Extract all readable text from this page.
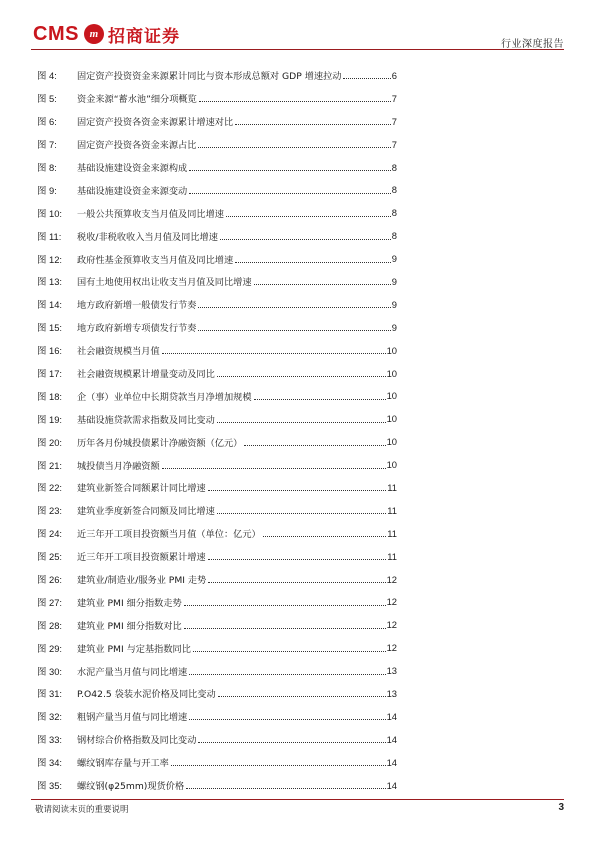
CMS m 招商证券	行业深度报告
图 4:	固定资产投资资金来源累计同比与资本形成总额对 GDP 增速拉动	6
图 5:	资金来源“蓄水池”细分项概览	7
图 6:	固定资产投资各资金来源累计增速对比	7
图 7:	固定资产投资各资金来源占比	7
图 8:	基础设施建设资金来源构成	8
图 9:	基础设施建设资金来源变动	8
图 10:	一般公共预算收支当月值及同比增速	8
图 11:	税收/非税收收入当月值及同比增速	8
图 12:	政府性基金预算收支当月值及同比增速	9
图 13:	国有土地使用权出让收支当月值及同比增速	9
图 14:	地方政府新增一般债发行节奏	9
图 15:	地方政府新增专项债发行节奏	9
图 16:	社会融资规模当月值	10
图 17:	社会融资规模累计增量变动及同比	10
图 18:	企（事）业单位中长期贷款当月净增加规模	10
图 19:	基础设施贷款需求指数及同比变动	10
图 20:	历年各月份城投债累计净融资额（亿元）	10
图 21:	城投债当月净融资额	10
图 22:	建筑业新签合同额累计同比增速	11
图 23:	建筑业季度新签合同额及同比增速	11
图 24:	近三年开工项目投资额当月值（单位：亿元）	11
图 25:	近三年开工项目投资额累计增速	11
图 26:	建筑业/制造业/服务业 PMI 走势	12
图 27:	建筑业 PMI 细分指数走势	12
图 28:	建筑业 PMI 细分指数对比	12
图 29:	建筑业 PMI 与定基指数同比	12
图 30:	水泥产量当月值与同比增速	13
图 31:	P.O42.5 袋装水泥价格及同比变动	13
图 32:	粗钢产量当月值与同比增速	14
图 33:	钢材综合价格指数及同比变动	14
图 34:	螺纹钢库存量与开工率	14
图 35:	螺纹钢(φ25mm)现货价格	14
敬请阅读末页的重要说明	3
